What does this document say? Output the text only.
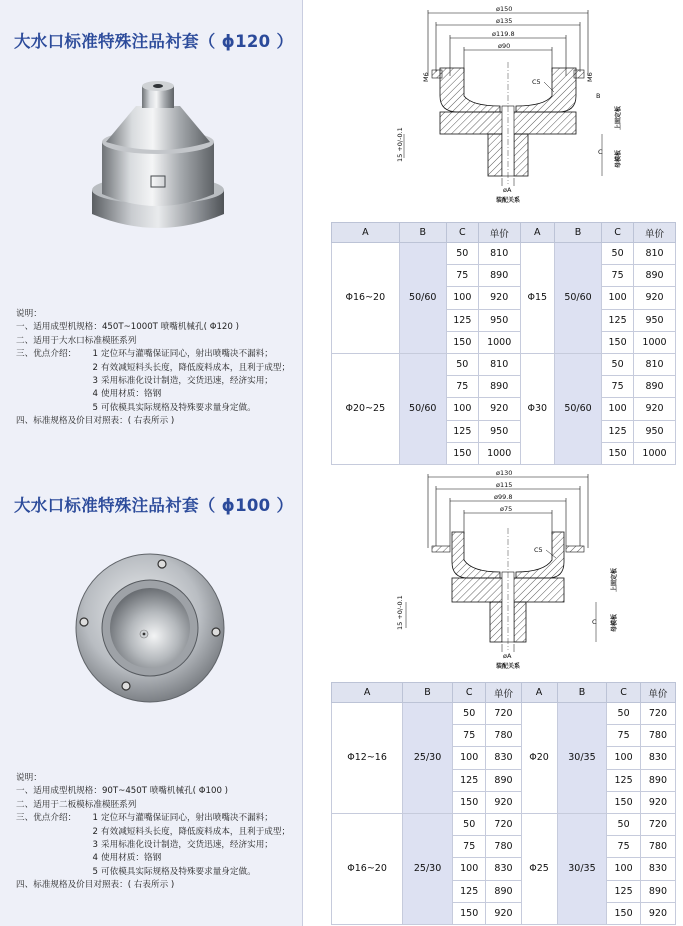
大水口标准特殊注品衬套（ ϕ120 ）
说明：
一、适用成型机规格：450T~1000T 喷嘴机械孔( Φ120 )
二、适用于大水口标准模胚系列
三、优点介绍：	1 定位环与灌嘴保证同心，射出喷嘴决不漏料；
2 有效减短料头长度，降低废料成本，且利于成型；
3 采用标准化设计制造，交货迅速，经济实用；
4 使用材质：铬钢
5 可依模具实际规格及特殊要求量身定做。
四、标准规格及价目对照表：( 右表所示 )
ø150
ø135
ø119.8
ø90
M6	M6
C5
B
C
上固定板
母模板
15 +0/-0.1
øA
装配关系
A	B	C	单价	A	B	C	单价
Φ16~20	50/60	50	810	Φ15	50/60	50	810
		75	890			75	890
		100	920			100	920
		125	950			125	950
		150	1000			150	1000
Φ20~25	50/60	50	810	Φ30	50/60	50	810
		75	890			75	890
		100	920			100	920
		125	950			125	950
		150	1000			150	1000
大水口标准特殊注品衬套（ ϕ100 ）
说明：
一、适用成型机规格：90T~450T 喷嘴机械孔( Φ100 )
二、适用于二板模标准模胚系列
三、优点介绍：	1 定位环与灌嘴保证同心，射出喷嘴决不漏料；
2 有效减短料头长度，降低废料成本，且利于成型；
3 采用标准化设计制造，交货迅速，经济实用；
4 使用材质：铬钢
5 可依模具实际规格及特殊要求量身定做。
四、标准规格及价目对照表：( 右表所示 )
ø130
ø115
ø99.8
ø75
C5
C
上固定板
母模板
15 +0/-0.1
øA
装配关系
A	B	C	单价	A	B	C	单价
Φ12~16	25/30	50	720	Φ20	30/35	50	720
		75	780			75	780
		100	830			100	830
		125	890			125	890
		150	920			150	920
Φ16~20	25/30	50	720	Φ25	30/35	50	720
		75	780			75	780
		100	830			100	830
		125	890			125	890
		150	920			150	920
